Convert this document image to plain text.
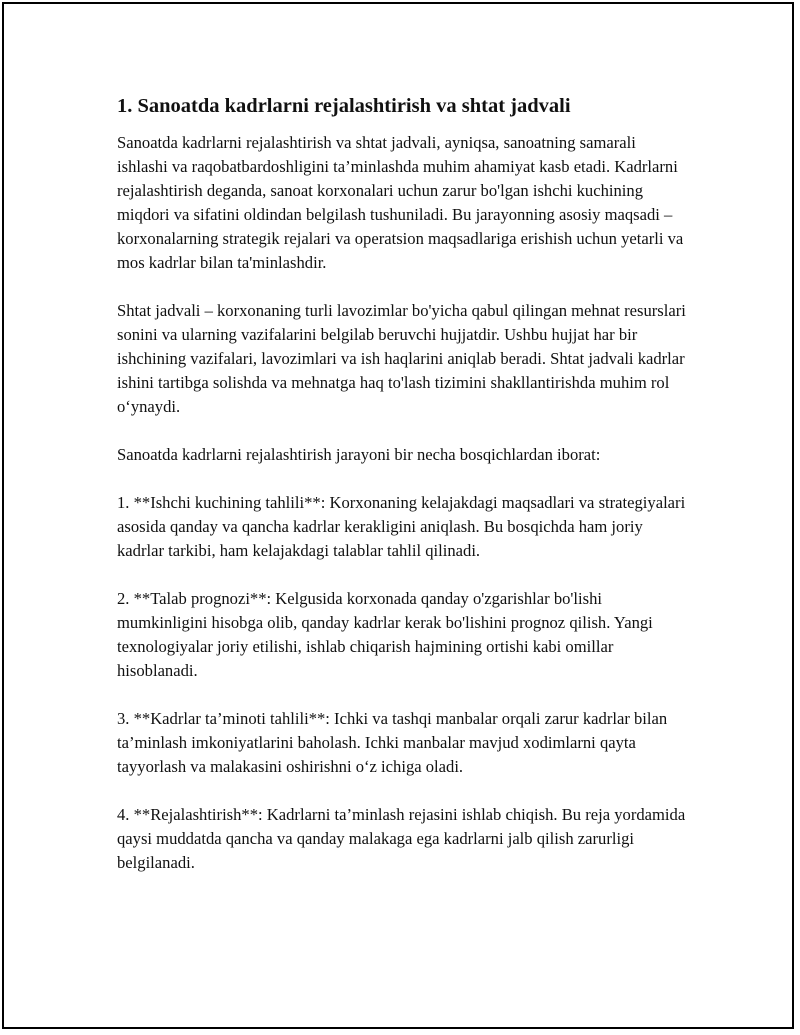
1. Sanoatda kadrlarni rejalashtirish va shtat jadvali

Sanoatda kadrlarni rejalashtirish va shtat jadvali, ayniqsa, sanoatning samarali ishlashi va raqobatbardoshligini ta’minlashda muhim ahamiyat kasb etadi. Kadrlarni rejalashtirish deganda, sanoat korxonalari uchun zarur bo'lgan ishchi kuchining miqdori va sifatini oldindan belgilash tushuniladi. Bu jarayonning asosiy maqsadi – korxonalarning strategik rejalari va operatsion maqsadlariga erishish uchun yetarli va mos kadrlar bilan ta'minlashdir.

Shtat jadvali – korxonaning turli lavozimlar bo'yicha qabul qilingan mehnat resurslari sonini va ularning vazifalarini belgilab beruvchi hujjatdir. Ushbu hujjat har bir ishchining vazifalari, lavozimlari va ish haqlarini aniqlab beradi. Shtat jadvali kadrlar ishini tartibga solishda va mehnatga haq to'lash tizimini shakllantirishda muhim rol o‘ynaydi.

Sanoatda kadrlarni rejalashtirish jarayoni bir necha bosqichlardan iborat:

1. **Ishchi kuchining tahlili**: Korxonaning kelajakdagi maqsadlari va strategiyalari asosida qanday va qancha kadrlar kerakligini aniqlash. Bu bosqichda ham joriy kadrlar tarkibi, ham kelajakdagi talablar tahlil qilinadi.

2. **Talab prognozi**: Kelgusida korxonada qanday o'zgarishlar bo'lishi mumkinligini hisobga olib, qanday kadrlar kerak bo'lishini prognoz qilish. Yangi texnologiyalar joriy etilishi, ishlab chiqarish hajmining ortishi kabi omillar hisoblanadi.

3. **Kadrlar ta’minoti tahlili**: Ichki va tashqi manbalar orqali zarur kadrlar bilan ta’minlash imkoniyatlarini baholash. Ichki manbalar mavjud xodimlarni qayta tayyorlash va malakasini oshirishni o‘z ichiga oladi.

4. **Rejalashtirish**: Kadrlarni ta’minlash rejasini ishlab chiqish. Bu reja yordamida qaysi muddatda qancha va qanday malakaga ega kadrlarni jalb qilish zarurligi belgilanadi.
